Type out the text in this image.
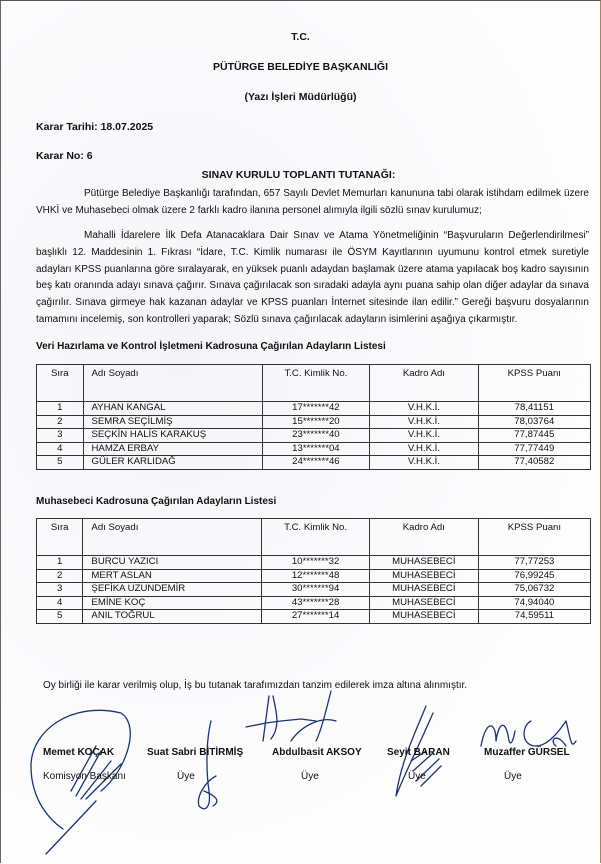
T.C.
PÜTÜRGE BELEDİYE BAŞKANLIĞI
(Yazı İşleri Müdürlüğü)
Karar Tarihi: 18.07.2025
Karar No: 6
SINAV KURULU TOPLANTI TUTANAĞI:
Pütürge Belediye Başkanlığı tarafından, 657 Sayılı Devlet Memurları kanununa tabi olarak istihdam edilmek üzere VHKİ ve Muhasebeci olmak üzere 2 farklı kadro ilanına personel alımıyla ilgili sözlü sınav kurulumuz;
Mahalli İdarelere İlk Defa Atanacaklara Dair Sınav ve Atama Yönetmeliğinin “Başvuruların Değerlendirilmesi” başlıklı 12. Maddesinin 1. Fıkrası “İdare, T.C. Kimlik numarası ile ÖSYM Kayıtlarının uyumunu kontrol etmek suretiyle adayları KPSS puanlarına göre sıralayarak, en yüksek puanlı adaydan başlamak üzere atama yapılacak boş kadro sayısının beş katı oranında adayı sınava çağırır. Sınava çağırılacak son sıradaki adayla aynı puana sahip olan diğer adaylar da sınava çağırılır. Sınava girmeye hak kazanan adaylar ve KPSS puanları İnternet sitesinde ilan edilir.” Gereği başvuru dosyalarının tamamını incelemiş, son kontrolleri yaparak; Sözlü sınava çağırılacak adayların isimlerini aşağıya çıkarmıştır.
Veri Hazırlama ve Kontrol İşletmeni Kadrosuna Çağırılan Adayların Listesi
Sıra	Adı Soyadı	T.C. Kimlik No.	Kadro Adı	KPSS Puanı
1	AYHAN KANGAL	17*******42	V.H.K.İ.	78,41151
2	SEMRA SEÇİLMİŞ	15*******20	V.H.K.İ.	78,03764
3	SEÇKİN HALİS KARAKUŞ	23*******40	V.H.K.İ.	77,87445
4	HAMZA ERBAY	13*******04	V.H.K.İ.	77,77449
5	GÜLER KARLIDAĞ	24*******46	V.H.K.İ.	77,40582
Muhasebeci Kadrosuna Çağırılan Adayların Listesi
Sıra	Adı Soyadı	T.C. Kimlik No.	Kadro Adı	KPSS Puanı
1	BURCU YAZICI	10*******32	MUHASEBECİ	77,77253
2	MERT ASLAN	12*******48	MUHASEBECİ	76,99245
3	ŞEFİKA UZUNDEMİR	30*******94	MUHASEBECİ	75,06732
4	EMİNE KOÇ	43*******28	MUHASEBECİ	74,94040
5	ANIL TOĞRUL	27*******14	MUHASEBECİ	74,59511
Oy birliği ile karar verilmiş olup, İş bu tutanak tarafımızdan tanzim edilerek imza altına alınmıştır.
Memet KOÇAK
Komisyon Başkanı
Suat Sabri BİTİRMİŞ
Üye
Abdulbasit AKSOY
Üye
Seyit BARAN
Üye
Muzaffer GÜRSEL
Üye
